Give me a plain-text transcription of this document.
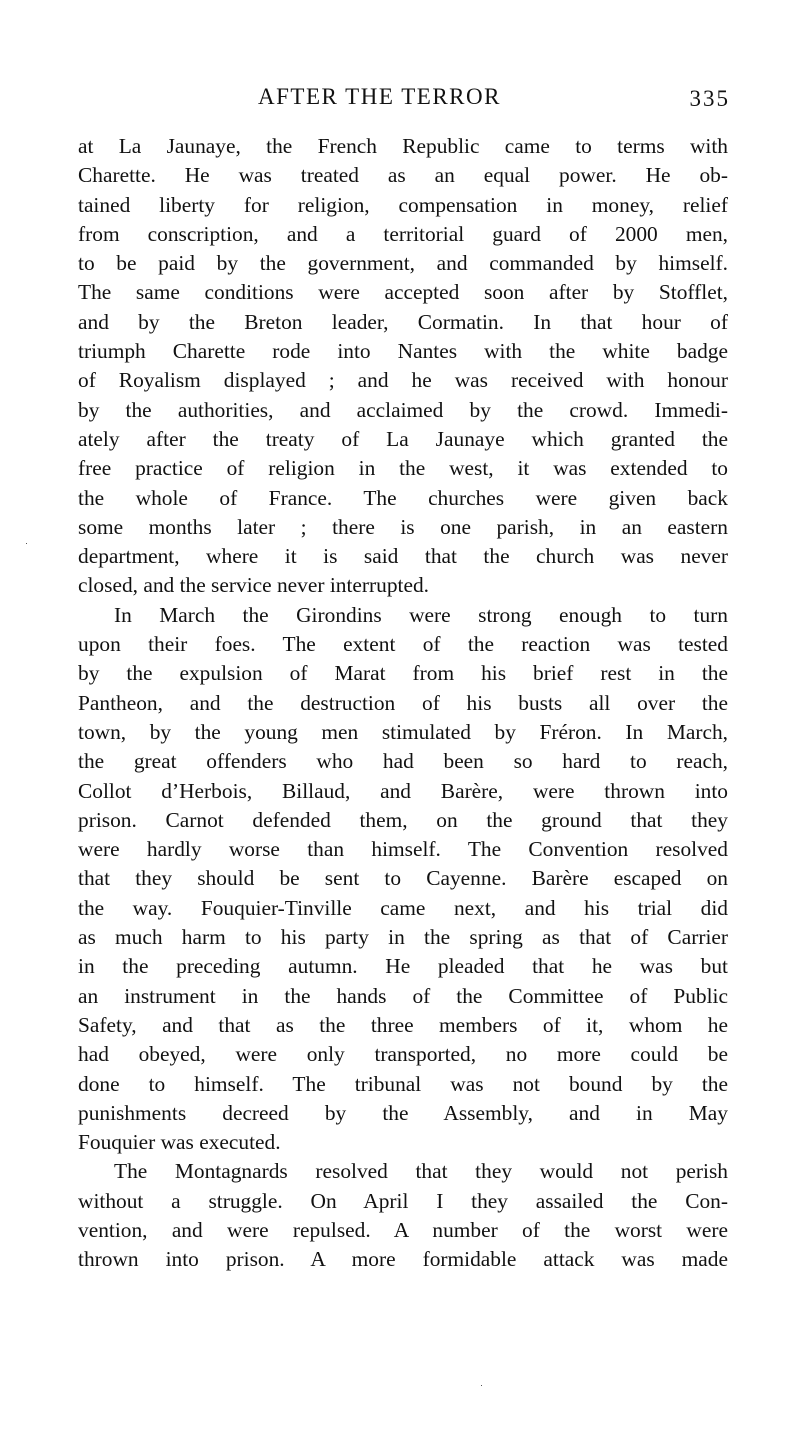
AFTER THE TERROR	335
at La Jaunaye, the French Republic came to terms with
Charette. He was treated as an equal power. He ob-
tained liberty for religion, compensation in money, relief
from conscription, and a territorial guard of 2000 men,
to be paid by the government, and commanded by himself.
The same conditions were accepted soon after by Stofflet,
and by the Breton leader, Cormatin. In that hour of
triumph Charette rode into Nantes with the white badge
of Royalism displayed ; and he was received with honour
by the authorities, and acclaimed by the crowd. Immedi-
ately after the treaty of La Jaunaye which granted the
free practice of religion in the west, it was extended to
the whole of France. The churches were given back
some months later ; there is one parish, in an eastern
department, where it is said that the church was never
closed, and the service never interrupted.
In March the Girondins were strong enough to turn
upon their foes. The extent of the reaction was tested
by the expulsion of Marat from his brief rest in the
Pantheon, and the destruction of his busts all over the
town, by the young men stimulated by Fréron. In March,
the great offenders who had been so hard to reach,
Collot d’Herbois, Billaud, and Barère, were thrown into
prison. Carnot defended them, on the ground that they
were hardly worse than himself. The Convention resolved
that they should be sent to Cayenne. Barère escaped on
the way. Fouquier-Tinville came next, and his trial did
as much harm to his party in the spring as that of Carrier
in the preceding autumn. He pleaded that he was but
an instrument in the hands of the Committee of Public
Safety, and that as the three members of it, whom he
had obeyed, were only transported, no more could be
done to himself. The tribunal was not bound by the
punishments decreed by the Assembly, and in May
Fouquier was executed.
The Montagnards resolved that they would not perish
without a struggle. On April I they assailed the Con-
vention, and were repulsed. A number of the worst were
thrown into prison. A more formidable attack was made
